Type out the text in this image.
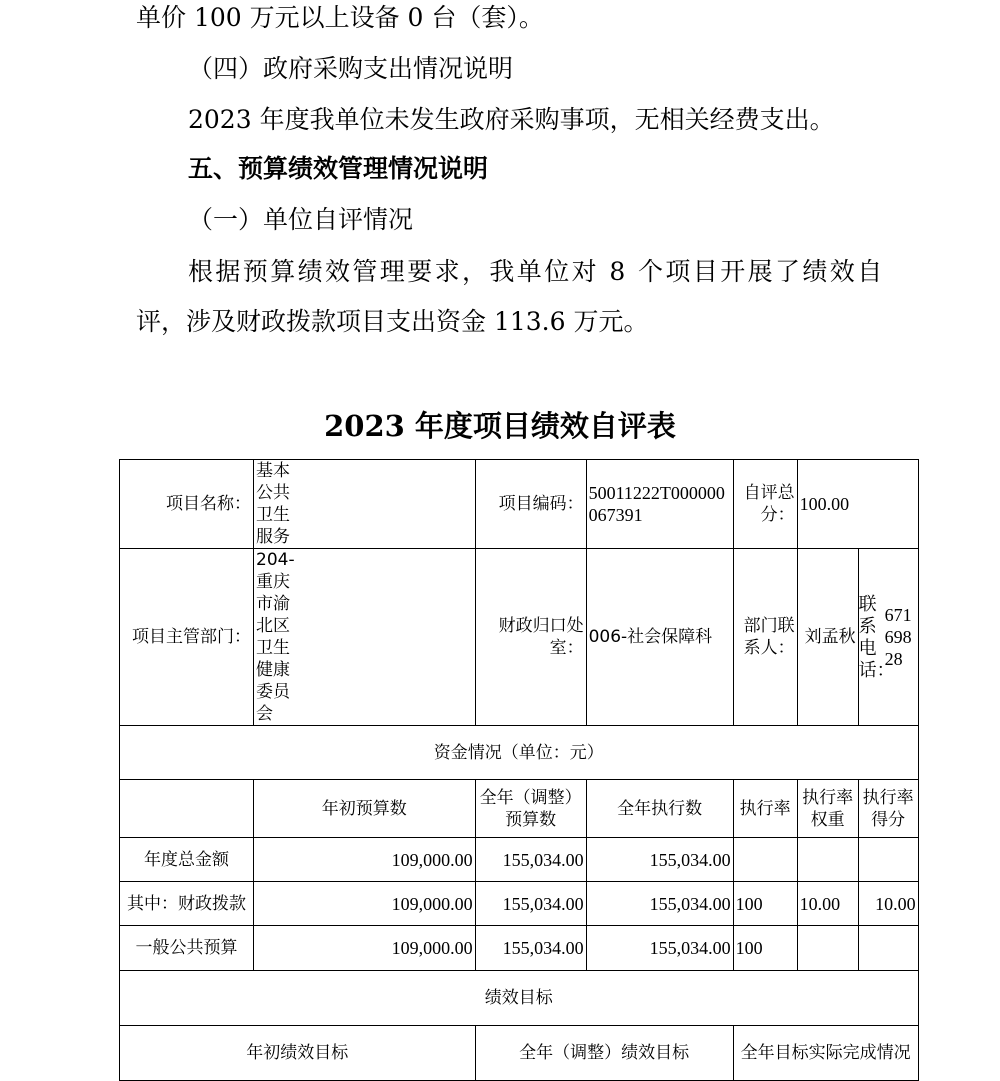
单价 100 万元以上设备 0 台（套）。
（四）政府采购支出情况说明
2023 年度我单位未发生政府采购事项，无相关经费支出。
五、预算绩效管理情况说明
（一）单位自评情况
根据预算绩效管理要求，我单位对 8 个项目开展了绩效自
评，涉及财政拨款项目支出资金 113.6 万元。
2023 年度项目绩效自评表
项目名称：	基本公共卫生服务	项目编码：	50011222T000000067391	自评总分：	100.00	
项目主管部门：	204-重庆市渝北区卫生健康委员会	财政归口处室：	006-社会保障科	部门联系人：	刘孟秋	联系电话：67169828
资金情况（单位：元）						
	年初预算数	全年（调整）预算数	全年执行数	执行率	执行率权重	执行率得分
年度总金额	109,000.00	155,034.00	155,034.00			
其中：财政拨款	109,000.00	155,034.00	155,034.00	100	10.00	10.00
一般公共预算	109,000.00	155,034.00	155,034.00	100		
绩效目标						
年初绩效目标		全年（调整）绩效目标		全年目标实际完成情况		
